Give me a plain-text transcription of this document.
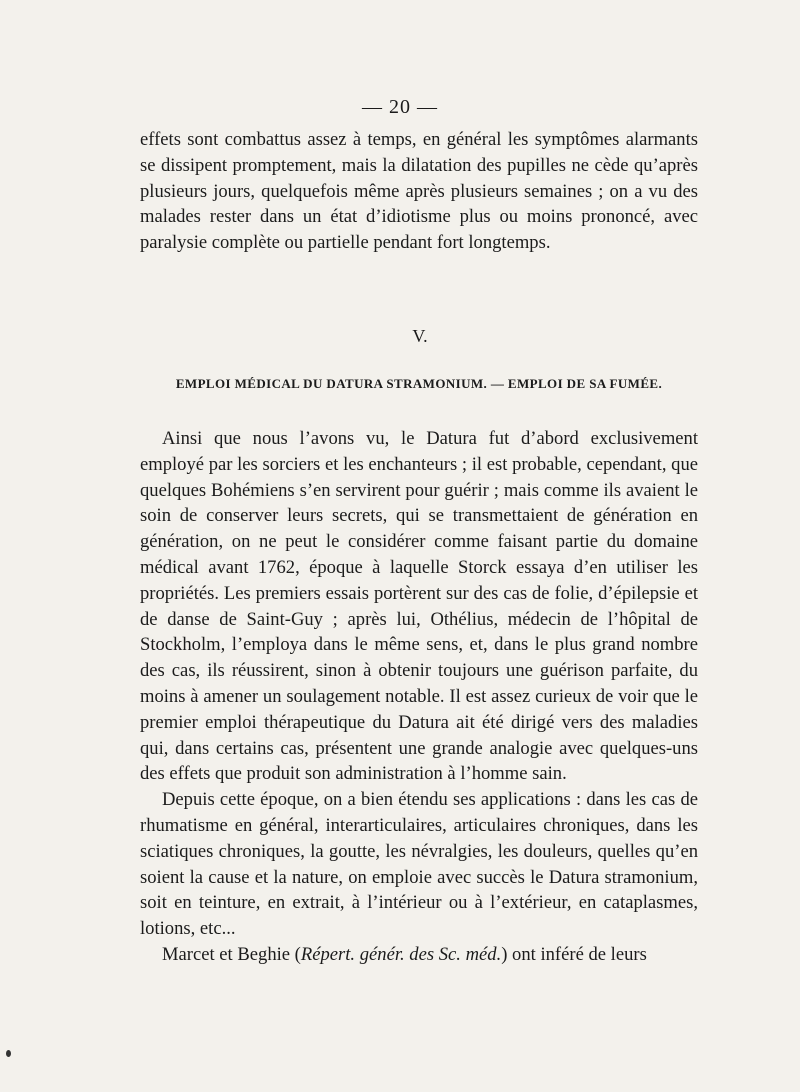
— 20 —

effets sont combattus assez à temps, en général les symptômes alarmants se dissipent promptement, mais la dilatation des pupilles ne cède qu’après plusieurs jours, quelquefois même après plusieurs semaines ; on a vu des malades rester dans un état d’idiotisme plus ou moins prononcé, avec paralysie complète ou partielle pendant fort longtemps.

V.
EMPLOI MÉDICAL DU DATURA STRAMONIUM. — EMPLOI DE SA FUMÉE.

Ainsi que nous l’avons vu, le Datura fut d’abord exclusivement employé par les sorciers et les enchanteurs ; il est probable, cependant, que quelques Bohémiens s’en servirent pour guérir ; mais comme ils avaient le soin de conserver leurs secrets, qui se transmettaient de génération en génération, on ne peut le considérer comme faisant partie du domaine médical avant 1762, époque à laquelle Storck essaya d’en utiliser les propriétés. Les premiers essais portèrent sur des cas de folie, d’épilepsie et de danse de Saint-Guy ; après lui, Othélius, médecin de l’hôpital de Stockholm, l’employa dans le même sens, et, dans le plus grand nombre des cas, ils réussirent, sinon à obtenir toujours une guérison parfaite, du moins à amener un soulagement notable. Il est assez curieux de voir que le premier emploi thérapeutique du Datura ait été dirigé vers des maladies qui, dans certains cas, présentent une grande analogie avec quelques-uns des effets que produit son administration à l’homme sain.

Depuis cette époque, on a bien étendu ses applications : dans les cas de rhumatisme en général, interarticulaires, articulaires chroniques, dans les sciatiques chroniques, la goutte, les névralgies, les douleurs, quelles qu’en soient la cause et la nature, on emploie avec succès le Datura stramonium, soit en teinture, en extrait, à l’intérieur ou à l’extérieur, en cataplasmes, lotions, etc...

Marcet et Beghie (Répert. génér. des Sc. méd.) ont inféré de leurs
